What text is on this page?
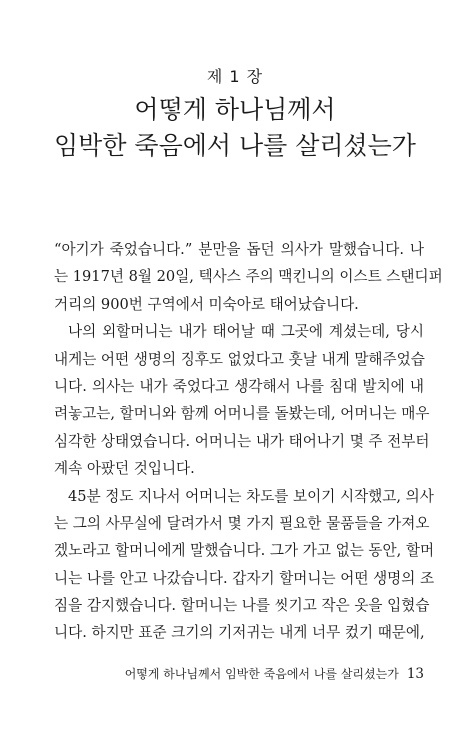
제 1 장
어떻게 하나님께서
임박한 죽음에서 나를 살리셨는가
“아기가 죽었습니다.” 분만을 돕던 의사가 말했습니다. 나
는 1917년 8월 20일, 텍사스 주의 맥킨니의 이스트 스탠디퍼
거리의 900번 구역에서 미숙아로 태어났습니다.
나의 외할머니는 내가 태어날 때 그곳에 계셨는데, 당시
내게는 어떤 생명의 징후도 없었다고 훗날 내게 말해주었습
니다. 의사는 내가 죽었다고 생각해서 나를 침대 발치에 내
려놓고는, 할머니와 함께 어머니를 돌봤는데, 어머니는 매우
심각한 상태였습니다. 어머니는 내가 태어나기 몇 주 전부터
계속 아팠던 것입니다.
45분 정도 지나서 어머니는 차도를 보이기 시작했고, 의사
는 그의 사무실에 달려가서 몇 가지 필요한 물품들을 가져오
겠노라고 할머니에게 말했습니다. 그가 가고 없는 동안, 할머
니는 나를 안고 나갔습니다. 갑자기 할머니는 어떤 생명의 조
짐을 감지했습니다. 할머니는 나를 씻기고 작은 옷을 입혔습
니다. 하지만 표준 크기의 기저귀는 내게 너무 컸기 때문에,
어떻게 하나님께서 임박한 죽음에서 나를 살리셨는가 13
